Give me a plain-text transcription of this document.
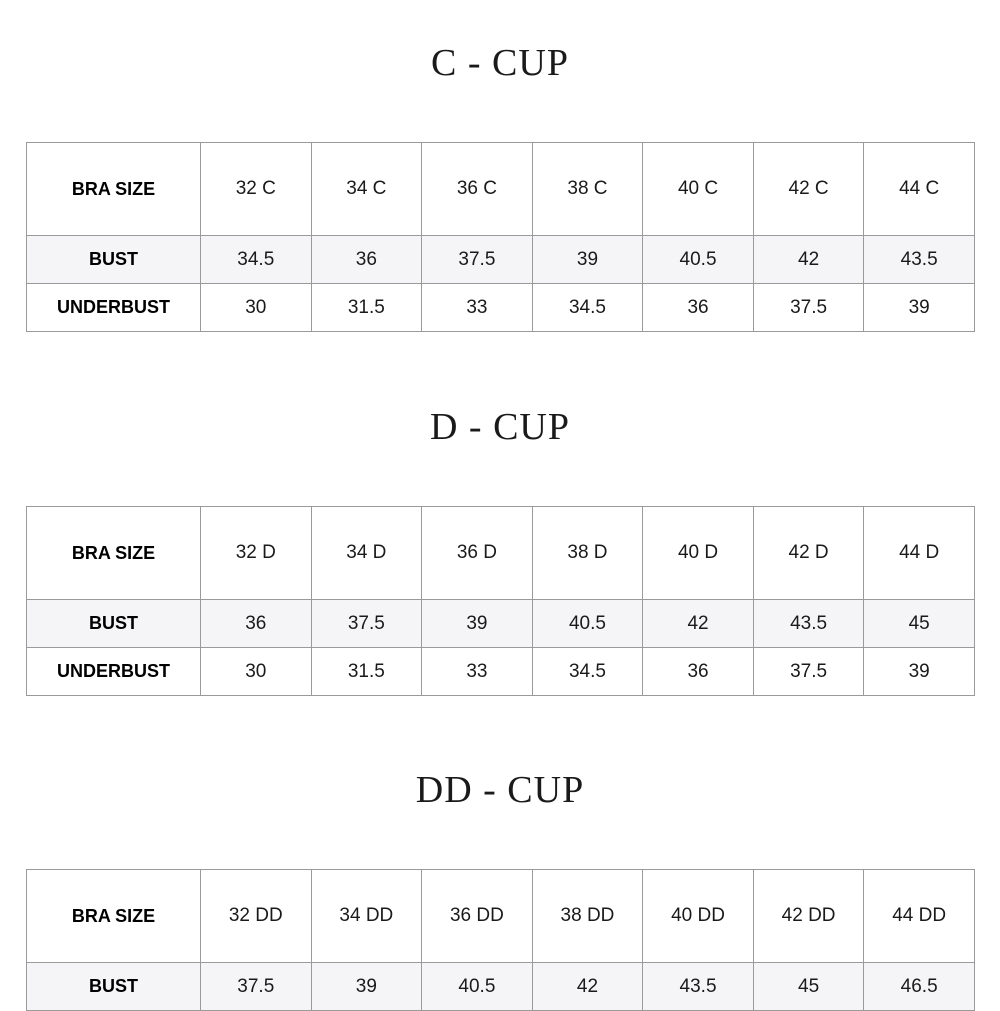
C - CUP
BRA SIZE	32 C	34 C	36 C	38 C	40 C	42 C	44 C
BUST	34.5	36	37.5	39	40.5	42	43.5
UNDERBUST	30	31.5	33	34.5	36	37.5	39
D - CUP
BRA SIZE	32 D	34 D	36 D	38 D	40 D	42 D	44 D
BUST	36	37.5	39	40.5	42	43.5	45
UNDERBUST	30	31.5	33	34.5	36	37.5	39
DD - CUP
BRA SIZE	32 DD	34 DD	36 DD	38 DD	40 DD	42 DD	44 DD
BUST	37.5	39	40.5	42	43.5	45	46.5
